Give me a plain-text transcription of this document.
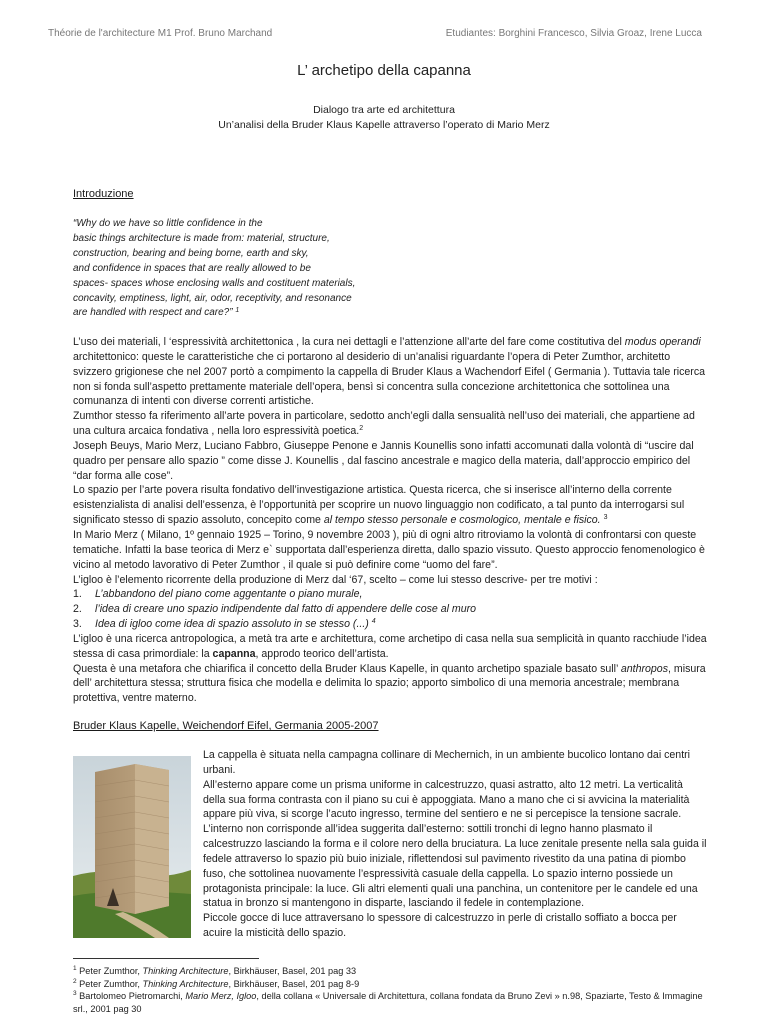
Théorie de l'architecture M1 Prof. Bruno Marchand	Etudiantes: Borghini Francesco, Silvia Groaz, Irene Lucca
L’ archetipo della capanna
Dialogo tra arte ed architettura
Un’analisi della Bruder Klaus Kapelle attraverso l’operato di Mario Merz
Introduzione
“Why do we have so little confidence in the
basic things architecture is made from: material, structure,
construction, bearing and being borne, earth and sky,
and confidence in spaces that are really allowed to be
spaces- spaces whose enclosing walls and costituent materials,
concavity, emptiness, light, air, odor, receptivity, and resonance
are handled with respect and care?” $^1$

L’uso dei materiali, l ‘espressività architettonica , la cura nei dettagli e l’attenzione all’arte del fare come costitutiva del modus operandi architettonico: queste le caratteristiche che ci portarono al desiderio di un’analisi riguardante l’opera di Peter Zumthor, architetto svizzero grigionese che nel 2007 portò a compimento la cappella di Bruder Klaus a Wachendorf Eifel ( Germania ). Tuttavia tale ricerca non si fonda sull’aspetto prettamente materiale dell’opera, bensì si concentra sulla concezione architettonica che sottolinea una comunanza di intenti con diverse correnti artistiche.

Zumthor stesso fa riferimento all’arte povera in particolare, sedotto anch’egli dalla sensualità nell’uso dei materiali, che appartiene ad una cultura arcaica fondativa , nella loro espressività poetica.$^2$

Joseph Beuys, Mario Merz, Luciano Fabbro, Giuseppe Penone e Jannis Kounellis sono infatti accomunati dalla volontà di “uscire dal quadro per pensare allo spazio ” come disse J. Kounellis , dal fascino ancestrale e magico della materia, dall’approccio empirico del “dar forma alle cose”.

Lo spazio per l’arte povera risulta fondativo dell’investigazione artistica. Questa ricerca, che si inserisce all’interno della corrente esistenzialista di analisi dell’essenza, è l’opportunità per scoprire un nuovo linguaggio non codificato, a tal punto da interrogarsi sul significato stesso di spazio assoluto, concepito come al tempo stesso personale e cosmologico, mentale e fisico. $^3$

In Mario Merz ( Milano, 1º gennaio 1925 – Torino, 9 novembre 2003 ), più di ogni altro ritroviamo la volontà di confrontarsi con queste tematiche. Infatti la base teorica di Merz e` supportata dall’esperienza diretta, dallo spazio vissuto. Questo approccio fenomenologico è vicino al metodo lavorativo di Peter Zumthor , il quale si può definire come “uomo del fare”.

L’igloo è l’elemento ricorrente della produzione di Merz dal ‘67, scelto – come lui stesso descrive- per tre motivi :

1. L’abbandono del piano come aggentante o piano murale,
2. l’idea di creare uno spazio indipendente dal fatto di appendere delle cose al muro
3. Idea di igloo come idea di spazio assoluto in se stesso (...) $^4$

L’igloo è una ricerca antropologica, a metà tra arte e architettura, come archetipo di casa nella sua semplicità in quanto racchiude l’idea stessa di casa primordiale: la capanna, approdo teorico dell’artista.

Questa è una metafora che chiarifica il concetto della Bruder Klaus Kapelle, in quanto archetipo spaziale basato sull’ anthropos, misura dell’ architettura stessa; struttura fisica che modella e delimita lo spazio; apporto simbolico di una memoria ancestrale; membrana protettiva, ventre materno.

Bruder Klaus Kapelle, Weichendorf Eifel, Germania 2005-2007

La cappella è situata nella campagna collinare di Mechernich, in un ambiente bucolico lontano dai centri urbani.

All’esterno appare come un prisma uniforme in calcestruzzo, quasi astratto, alto 12 metri. La verticalità della sua forma contrasta con il piano su cui è appoggiata. Mano a mano che ci si avvicina la materialità appare più viva, si scorge l’acuto ingresso, termine del sentiero e ne si percepisce la tensione sacrale.

L’interno non corrisponde all’idea suggerita dall’esterno: sottili tronchi di legno hanno plasmato il calcestruzzo lasciando la forma e il colore nero della bruciatura. La luce zenitale presente nella sala guida il fedele attraverso lo spazio più buio iniziale, riflettendosi sul pavimento rivestito da una patina di piombo fuso, che sottolinea nuovamente l’espressività casuale della cappella. Lo spazio interno possiede un protagonista principale: la luce. Gli altri elementi quali una panchina, un contenitore per le candele ed una statua in bronzo si mantengono in disparte, lasciando il fedele in contemplazione.

Piccole gocce di luce attraversano lo spessore di calcestruzzo in perle di cristallo soffiato a bocca per acuire la misticità dello spazio.

$^1$ Peter Zumthor, Thinking Architecture, Birkhäuser, Basel, 201 pag 33

$^2$ Peter Zumthor, Thinking Architecture, Birkhäuser, Basel, 201 pag 8-9

$^3$ Bartolomeo Pietromarchi, Mario Merz, Igloo, della collana « Universale di Architettura, collana fondata da Bruno Zevi » n.98, Spaziarte, Testo & Immagine srl., 2001 pag 30
